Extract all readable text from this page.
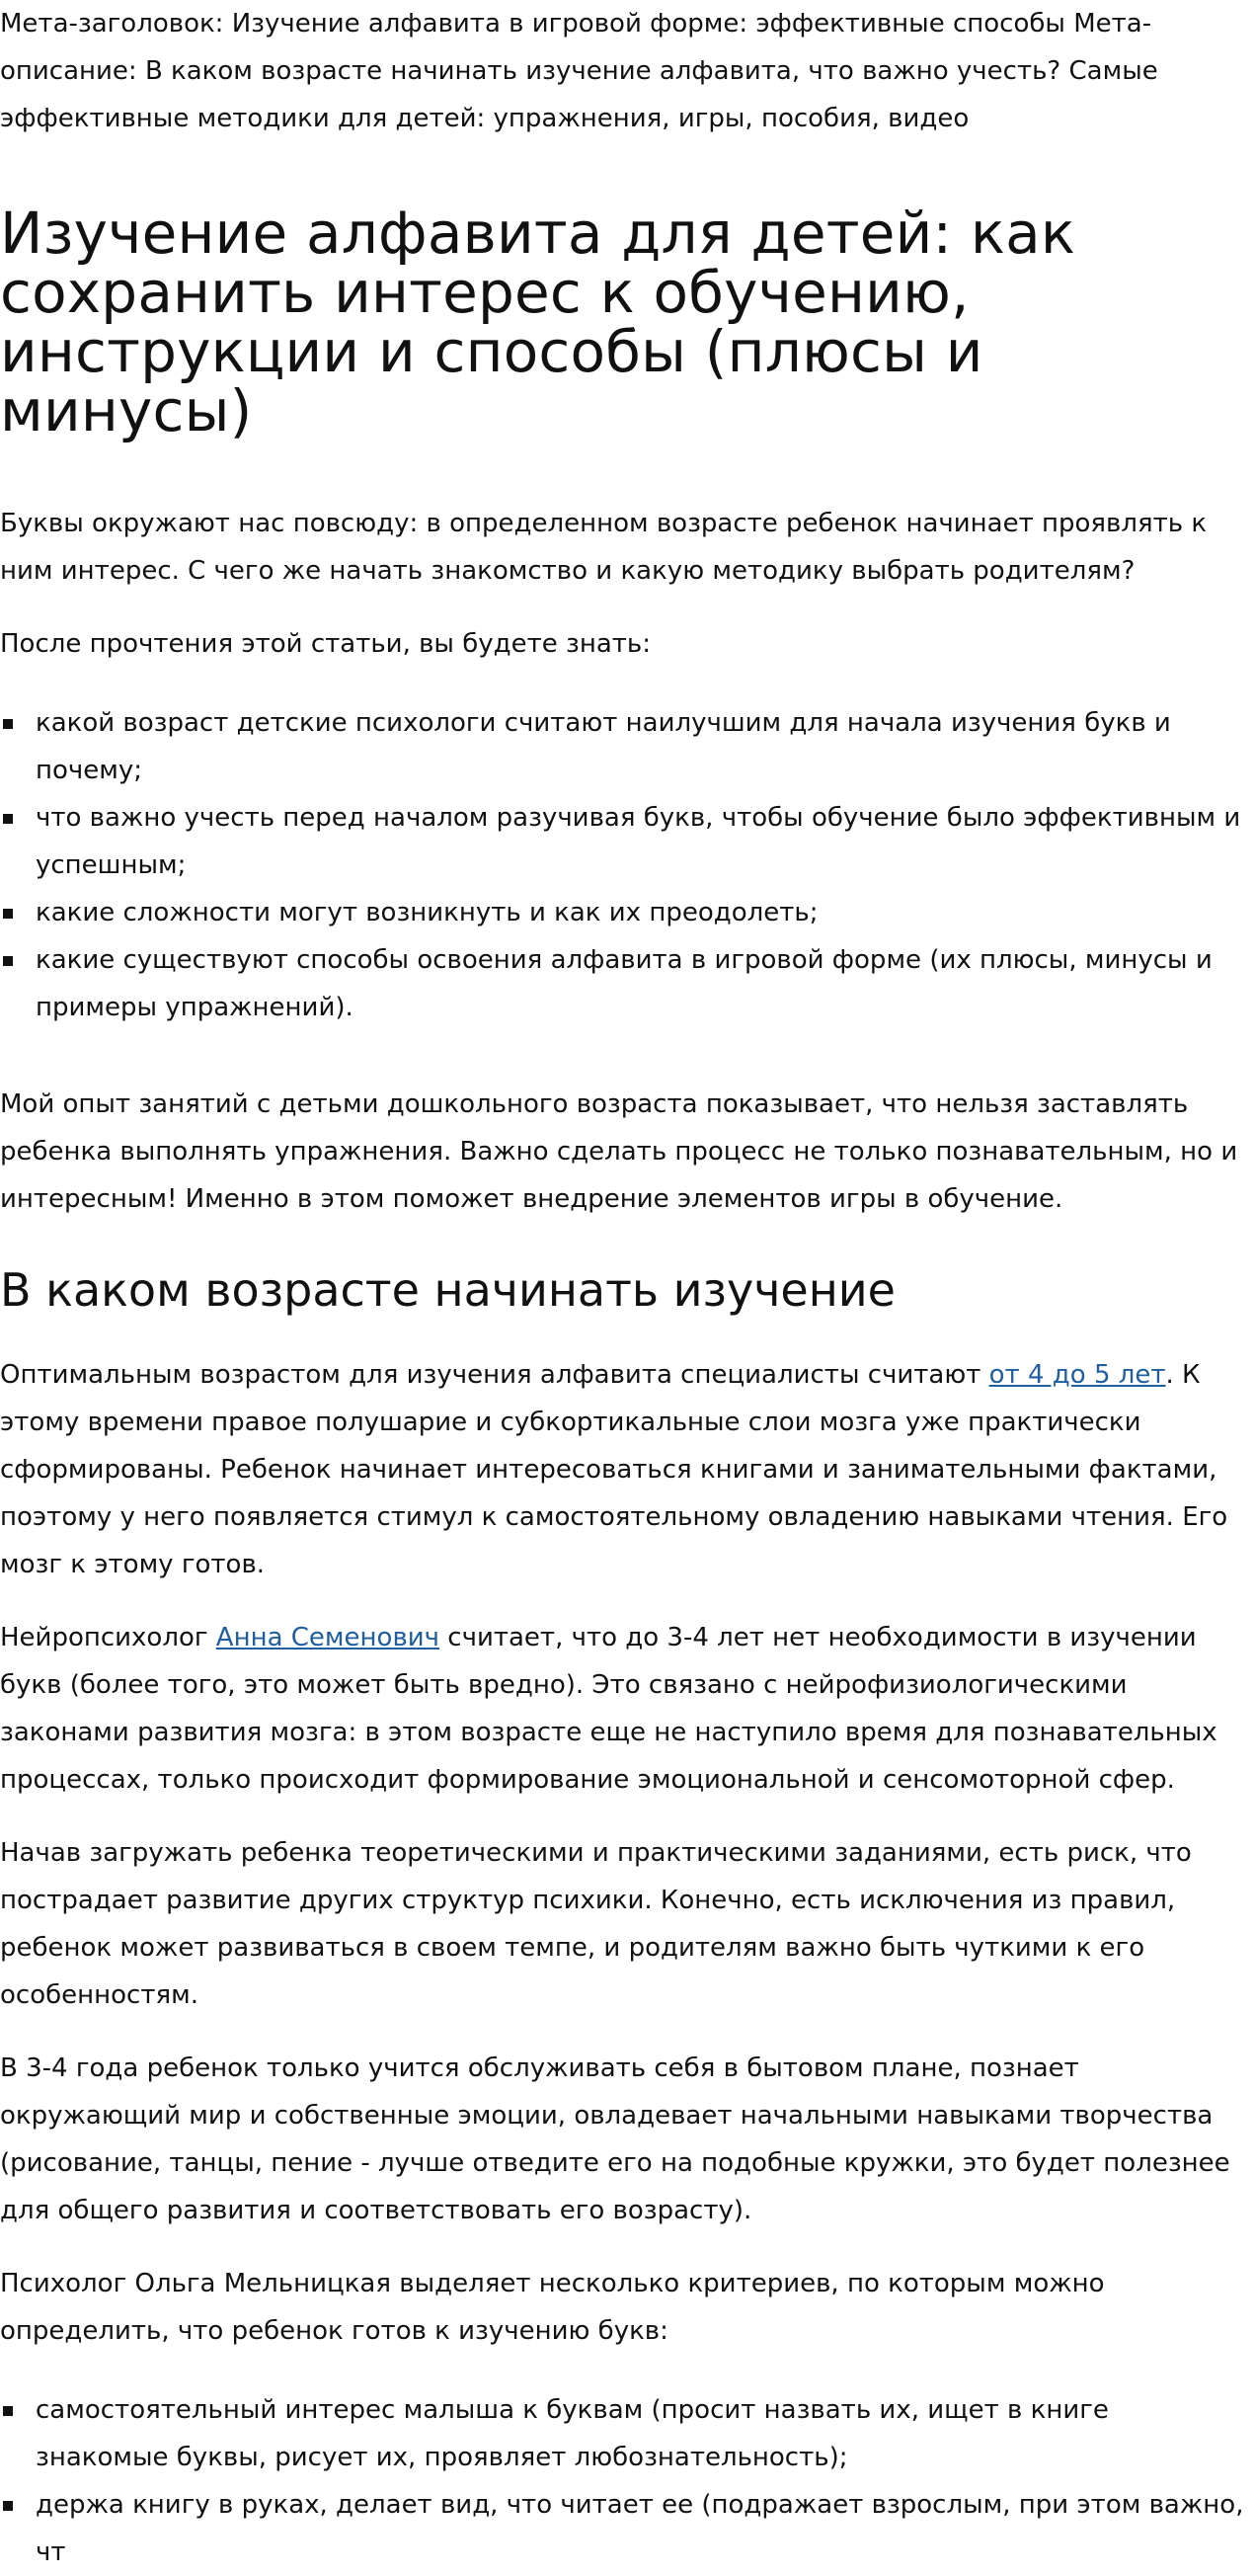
Мета-заголовок: Изучение алфавита в игровой форме: эффективные способы Мета-описание: В каком возрасте начинать изучение алфавита, что важно учесть? Самые эффективные методики для детей: упражнения, игры, пособия, видео

Изучение алфавита для детей: как сохранить интерес к обучению, инструкции и способы (плюсы и минусы)

Буквы окружают нас повсюду: в определенном возрасте ребенок начинает проявлять к ним интерес. С чего же начать знакомство и какую методику выбрать родителям?

После прочтения этой статьи, вы будете знать:

какой возраст детские психологи считают наилучшим для начала изучения букв и почему;
что важно учесть перед началом разучивая букв, чтобы обучение было эффективным и успешным;
какие сложности могут возникнуть и как их преодолеть;
какие существуют способы освоения алфавита в игровой форме (их плюсы, минусы и примеры упражнений).

Мой опыт занятий с детьми дошкольного возраста показывает, что нельзя заставлять ребенка выполнять упражнения. Важно сделать процесс не только познавательным, но и интересным! Именно в этом поможет внедрение элементов игры в обучение.

В каком возрасте начинать изучение

Оптимальным возрастом для изучения алфавита специалисты считают от 4 до 5 лет. К этому времени правое полушарие и субкортикальные слои мозга уже практически сформированы. Ребенок начинает интересоваться книгами и занимательными фактами, поэтому у него появляется стимул к самостоятельному овладению навыками чтения. Его мозг к этому готов.

Нейропсихолог Анна Семенович считает, что до 3-4 лет нет необходимости в изучении букв (более того, это может быть вредно). Это связано с нейрофизиологическими законами развития мозга: в этом возрасте еще не наступило время для познавательных процессах, только происходит формирование эмоциональной и сенсомоторной сфер.

Начав загружать ребенка теоретическими и практическими заданиями, есть риск, что пострадает развитие других структур психики. Конечно, есть исключения из правил, ребенок может развиваться в своем темпе, и родителям важно быть чуткими к его особенностям.

В 3-4 года ребенок только учится обслуживать себя в бытовом плане, познает окружающий мир и собственные эмоции, овладевает начальными навыками творчества (рисование, танцы, пение - лучше отведите его на подобные кружки, это будет полезнее для общего развития и соответствовать его возрасту).

Психолог Ольга Мельницкая выделяет несколько критериев, по которым можно определить, что ребенок готов к изучению букв:

самостоятельный интерес малыша к буквам (просит назвать их, ищет в книге знакомые буквы, рисует их, проявляет любознательность);
держа книгу в руках, делает вид, что читает ее (подражает взрослым, при этом важно, чт
